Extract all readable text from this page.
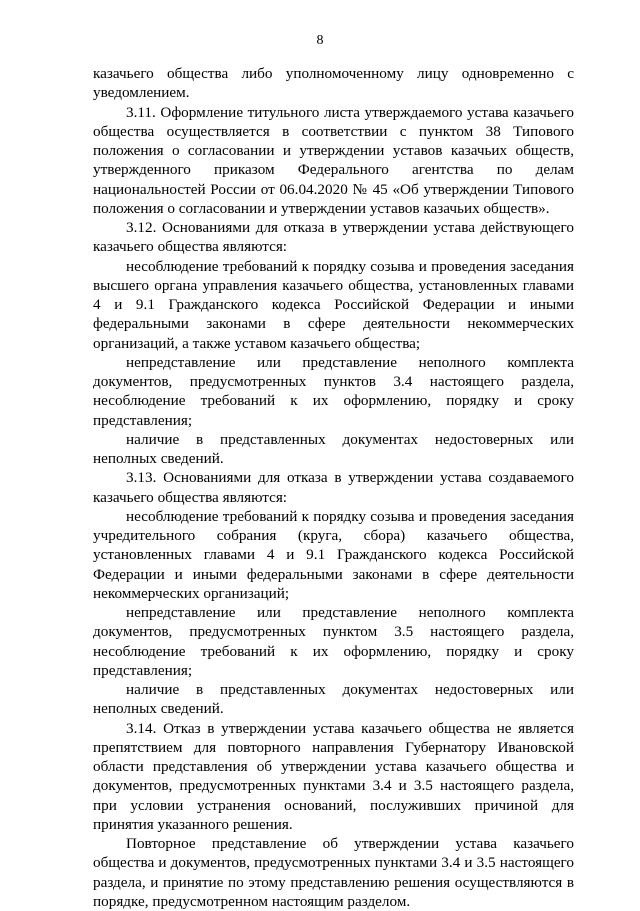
8

казачьего общества либо уполномоченному лицу одновременно с уведомлением.

3.11. Оформление титульного листа утверждаемого устава казачьего общества осуществляется в соответствии с пунктом 38 Типового положения о согласовании и утверждении уставов казачьих обществ, утвержденного приказом Федерального агентства по делам национальностей России от 06.04.2020 № 45 «Об утверждении Типового положения о согласовании и утверждении уставов казачьих обществ».

3.12. Основаниями для отказа в утверждении устава действующего казачьего общества являются:

несоблюдение требований к порядку созыва и проведения заседания высшего органа управления казачьего общества, установленных главами 4 и 9.1 Гражданского кодекса Российской Федерации и иными федеральными законами в сфере деятельности некоммерческих организаций, а также уставом казачьего общества;

непредставление или представление неполного комплекта документов, предусмотренных пунктов 3.4 настоящего раздела, несоблюдение требований к их оформлению, порядку и сроку представления;

наличие в представленных документах недостоверных или неполных сведений.

3.13. Основаниями для отказа в утверждении устава создаваемого казачьего общества являются:

несоблюдение требований к порядку созыва и проведения заседания учредительного собрания (круга, сбора) казачьего общества, установленных главами 4 и 9.1 Гражданского кодекса Российской Федерации и иными федеральными законами в сфере деятельности некоммерческих организаций;

непредставление или представление неполного комплекта документов, предусмотренных пунктом 3.5 настоящего раздела, несоблюдение требований к их оформлению, порядку и сроку представления;

наличие в представленных документах недостоверных или неполных сведений.

3.14. Отказ в утверждении устава казачьего общества не является препятствием для повторного направления Губернатору Ивановской области представления об утверждении устава казачьего общества и документов, предусмотренных пунктами 3.4 и 3.5 настоящего раздела, при условии устранения оснований, послуживших причиной для принятия указанного решения.

Повторное представление об утверждении устава казачьего общества и документов, предусмотренных пунктами 3.4 и 3.5 настоящего раздела, и принятие по этому представлению решения осуществляются в порядке, предусмотренном настоящим разделом.
